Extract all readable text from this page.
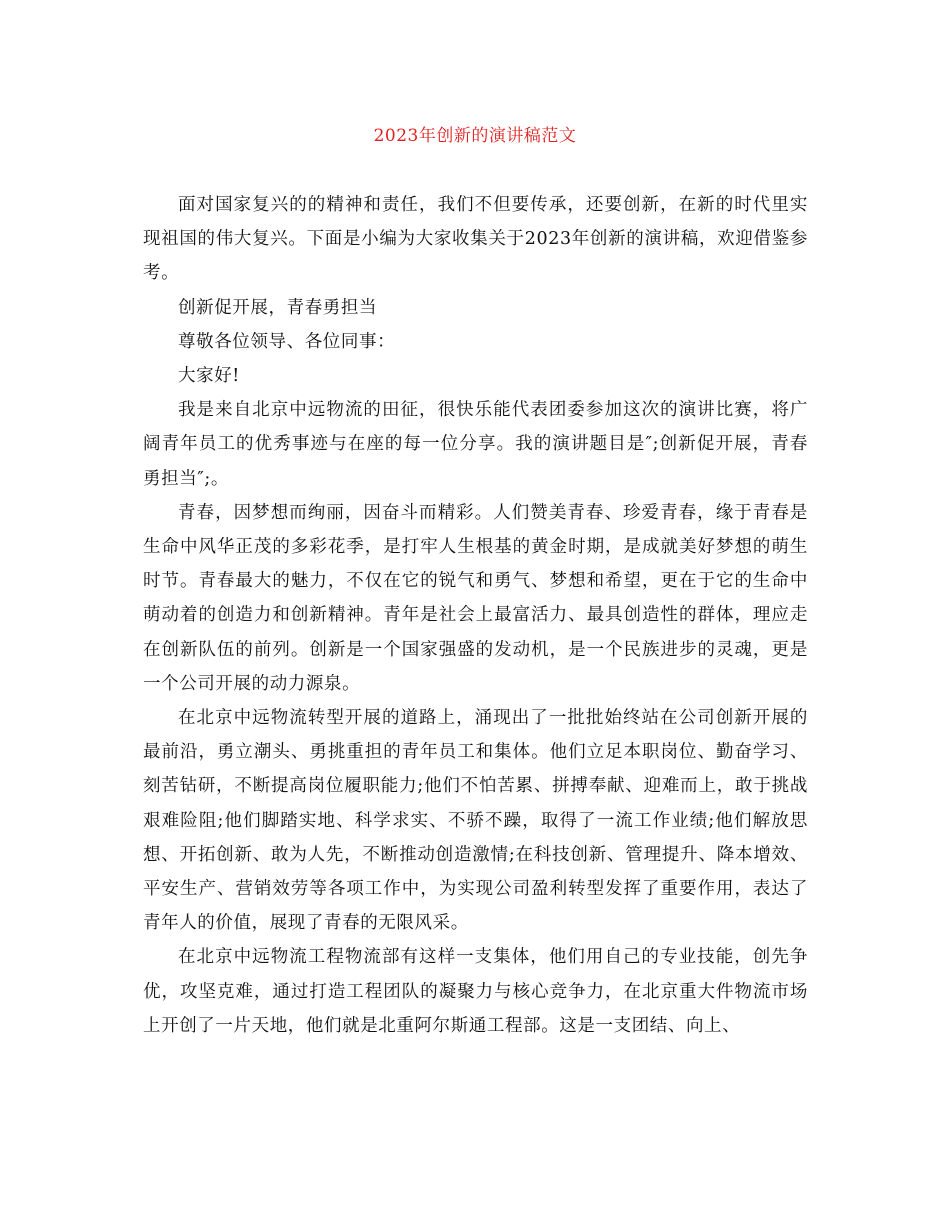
2023年创新的演讲稿范文

面对国家复兴的的精神和责任，我们不但要传承，还要创新，在新的时代里实现祖国的伟大复兴。下面是小编为大家收集关于2023年创新的演讲稿，欢迎借鉴参考。

创新促开展，青春勇担当

尊敬各位领导、各位同事：

大家好!

我是来自北京中远物流的田征，很快乐能代表团委参加这次的演讲比赛，将广阔青年员工的优秀事迹与在座的每一位分享。我的演讲题目是″;创新促开展，青春勇担当″;。

青春，因梦想而绚丽，因奋斗而精彩。人们赞美青春、珍爱青春，缘于青春是生命中风华正茂的多彩花季，是打牢人生根基的黄金时期，是成就美好梦想的萌生时节。青春最大的魅力，不仅在它的锐气和勇气、梦想和希望，更在于它的生命中萌动着的创造力和创新精神。青年是社会上最富活力、最具创造性的群体，理应走在创新队伍的前列。创新是一个国家强盛的发动机，是一个民族进步的灵魂，更是一个公司开展的动力源泉。

在北京中远物流转型开展的道路上，涌现出了一批批始终站在公司创新开展的最前沿，勇立潮头、勇挑重担的青年员工和集体。他们立足本职岗位、勤奋学习、刻苦钻研，不断提高岗位履职能力;他们不怕苦累、拼搏奉献、迎难而上，敢于挑战艰难险阻;他们脚踏实地、科学求实、不骄不躁，取得了一流工作业绩;他们解放思想、开拓创新、敢为人先，不断推动创造激情;在科技创新、管理提升、降本增效、平安生产、营销效劳等各项工作中，为实现公司盈利转型发挥了重要作用，表达了青年人的价值，展现了青春的无限风采。

在北京中远物流工程物流部有这样一支集体，他们用自己的专业技能，创先争优，攻坚克难，通过打造工程团队的凝聚力与核心竞争力，在北京重大件物流市场上开创了一片天地，他们就是北重阿尔斯通工程部。这是一支团结、向上、
